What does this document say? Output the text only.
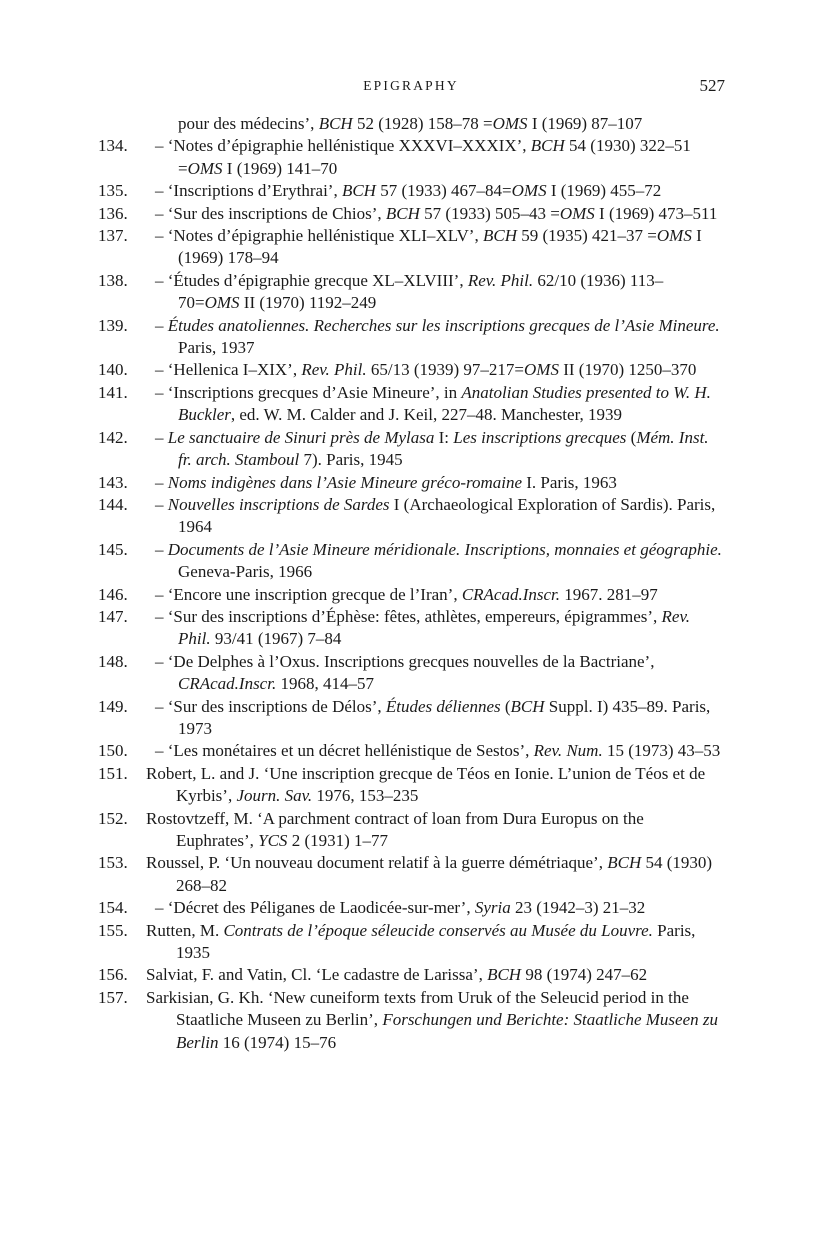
EPIGRAPHY	527
pour des médecins’, BCH 52 (1928) 158–78 =OMS I (1969) 87–107
134. – ‘Notes d’épigraphie hellénistique XXXVI–XXXIX’, BCH 54 (1930) 322–51 =OMS I (1969) 141–70
135. – ‘Inscriptions d’Erythrai’, BCH 57 (1933) 467–84=OMS I (1969) 455–72
136. – ‘Sur des inscriptions de Chios’, BCH 57 (1933) 505–43 =OMS I (1969) 473–511
137. – ‘Notes d’épigraphie hellénistique XLI–XLV’, BCH 59 (1935) 421–37 =OMS I (1969) 178–94
138. – ‘Études d’épigraphie grecque XL–XLVIII’, Rev. Phil. 62/10 (1936) 113–70=OMS II (1970) 1192–249
139. – Études anatoliennes. Recherches sur les inscriptions grecques de l’Asie Mineure. Paris, 1937
140. – ‘Hellenica I–XIX’, Rev. Phil. 65/13 (1939) 97–217=OMS II (1970) 1250–370
141. – ‘Inscriptions grecques d’Asie Mineure’, in Anatolian Studies presented to W. H. Buckler, ed. W. M. Calder and J. Keil, 227–48. Manchester, 1939
142. – Le sanctuaire de Sinuri près de Mylasa I: Les inscriptions grecques (Mém. Inst. fr. arch. Stamboul 7). Paris, 1945
143. – Noms indigènes dans l’Asie Mineure gréco-romaine I. Paris, 1963
144. – Nouvelles inscriptions de Sardes I (Archaeological Exploration of Sardis). Paris, 1964
145. – Documents de l’Asie Mineure méridionale. Inscriptions, monnaies et géographie. Geneva-Paris, 1966
146. – ‘Encore une inscription grecque de l’Iran’, CRAcad.Inscr. 1967. 281–97
147. – ‘Sur des inscriptions d’Éphèse: fêtes, athlètes, empereurs, épigrammes’, Rev. Phil. 93/41 (1967) 7–84
148. – ‘De Delphes à l’Oxus. Inscriptions grecques nouvelles de la Bactriane’, CRAcad.Inscr. 1968, 414–57
149. – ‘Sur des inscriptions de Délos’, Études déliennes (BCH Suppl. I) 435–89. Paris, 1973
150. – ‘Les monétaires et un décret hellénistique de Sestos’, Rev. Num. 15 (1973) 43–53
151. Robert, L. and J. ‘Une inscription grecque de Téos en Ionie. L’union de Téos et de Kyrbis’, Journ. Sav. 1976, 153–235
152. Rostovtzeff, M. ‘A parchment contract of loan from Dura Europus on the Euphrates’, YCS 2 (1931) 1–77
153. Roussel, P. ‘Un nouveau document relatif à la guerre démétriaque’, BCH 54 (1930) 268–82
154. – ‘Décret des Péliganes de Laodicée-sur-mer’, Syria 23 (1942–3) 21–32
155. Rutten, M. Contrats de l’époque séleucide conservés au Musée du Louvre. Paris, 1935
156. Salviat, F. and Vatin, Cl. ‘Le cadastre de Larissa’, BCH 98 (1974) 247–62
157. Sarkisian, G. Kh. ‘New cuneiform texts from Uruk of the Seleucid period in the Staatliche Museen zu Berlin’, Forschungen und Berichte: Staatliche Museen zu Berlin 16 (1974) 15–76
